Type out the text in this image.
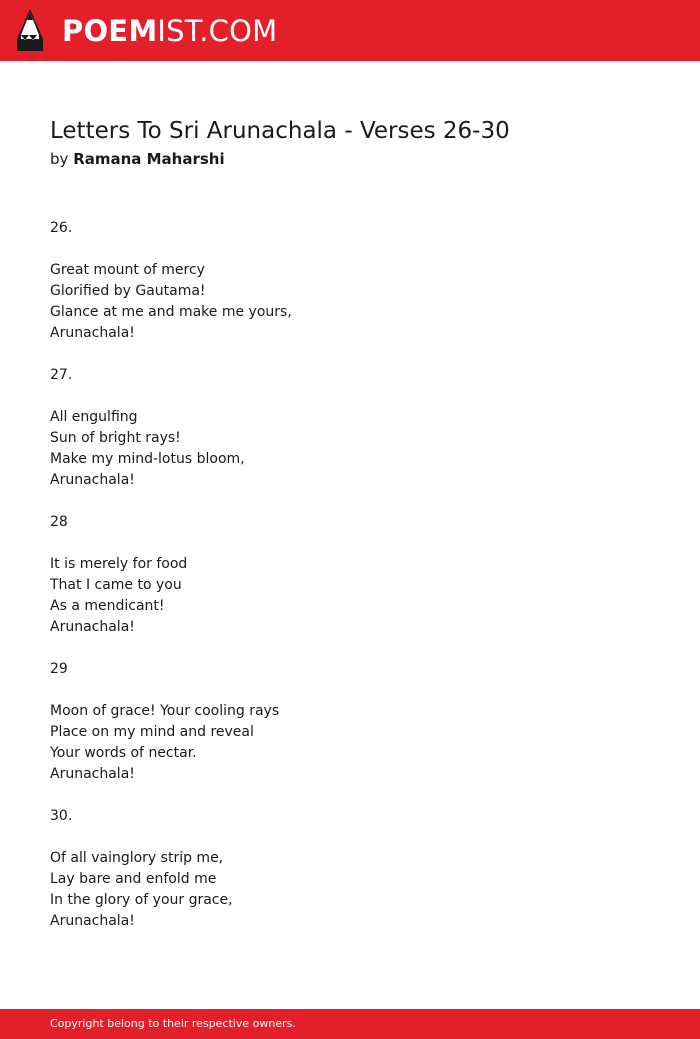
POEMIST.COM
Letters To Sri Arunachala - Verses 26-30
by Ramana Maharshi
26.
Great mount of mercy
Glorified by Gautama!
Glance at me and make me yours,
Arunachala!
27.
All engulfing
Sun of bright rays!
Make my mind-lotus bloom,
Arunachala!
28
It is merely for food
That I came to you
As a mendicant!
Arunachala!
29
Moon of grace! Your cooling rays
Place on my mind and reveal
Your words of nectar.
Arunachala!
30.
Of all vainglory strip me,
Lay bare and enfold me
In the glory of your grace,
Arunachala!
Copyright belong to their respective owners.
